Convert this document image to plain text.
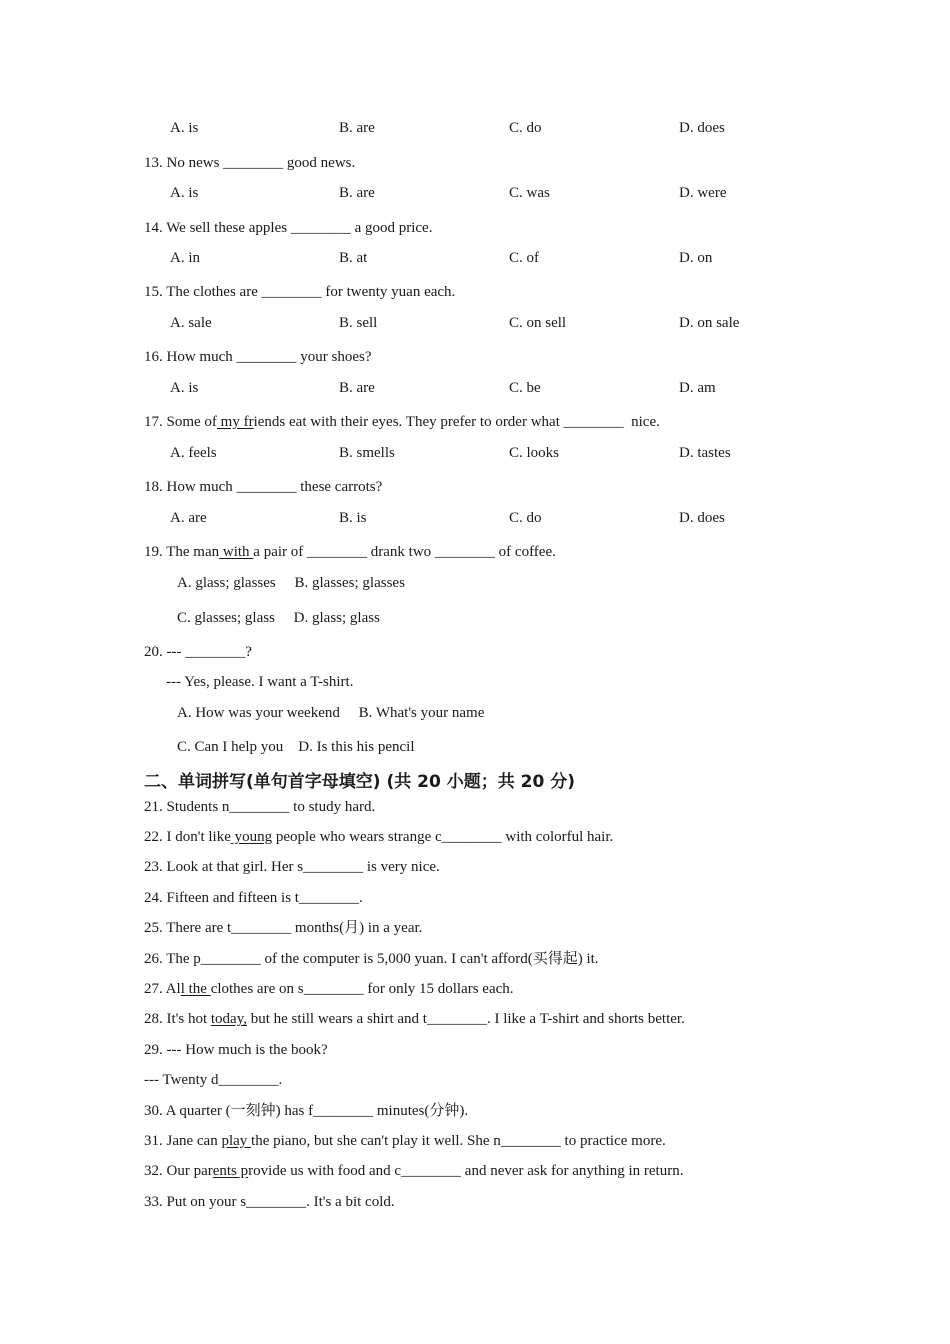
A. is	B. are	C. do	D. does
13. No news ________ good news.
A. is	B. are	C. was	D. were
14. We sell these apples ________ a good price.
A. in	B. at	C. of	D. on
15. The clothes are ________ for twenty yuan each.
A. sale	B. sell	C. on sell	D. on sale
16. How much ________ your shoes?
A. is	B. are	C. be	D. am
17. Some of my friends eat with their eyes. They prefer to order what ________  nice.
A. feels	B. smells	C. looks	D. tastes
18. How much ________ these carrots?
A. are	B. is	C. do	D. does
19. The man with a pair of ________ drank two ________ of coffee.
A. glass; glasses     B. glasses; glasses
C. glasses; glass     D. glass; glass
20. --- ________?
--- Yes, please. I want a T-shirt.
A. How was your weekend     B. What's your name
C. Can I help you    D. Is this his pencil
二、单词拼写(单句首字母填空) (共 20 小题；共 20 分)
21. Students n________ to study hard.
22. I don't like young people who wears strange c________ with colorful hair.
23. Look at that girl. Her s________ is very nice.
24. Fifteen and fifteen is t________.
25. There are t________ months(月) in a year.
26. The p________ of the computer is 5,000 yuan. I can't afford(买得起) it.
27. All the clothes are on s________ for only 15 dollars each.
28. It's hot today, but he still wears a shirt and t________. I like a T-shirt and shorts better.
29. --- How much is the book?
--- Twenty d________.
30. A quarter (一刻钟) has f________ minutes(分钟).
31. Jane can play the piano, but she can't play it well. She n________ to practice more.
32. Our parents provide us with food and c________ and never ask for anything in return.
33. Put on your s________. It's a bit cold.
